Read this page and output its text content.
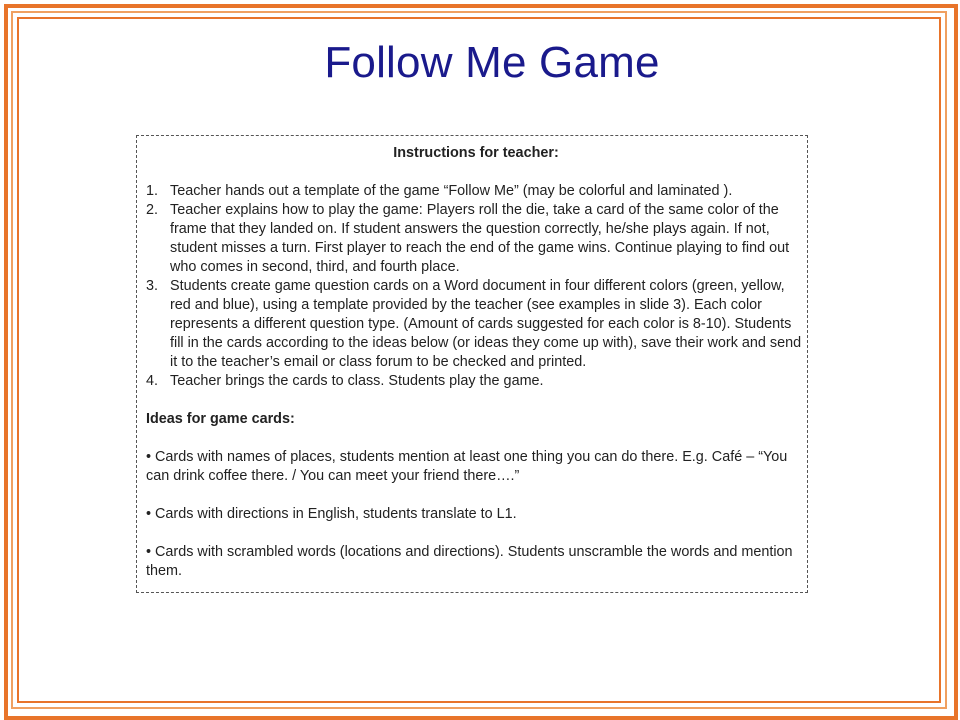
Follow Me Game
Instructions for teacher:
1. Teacher hands out a template of the game “Follow Me” (may be colorful and laminated ).
2. Teacher explains how to play the game: Players roll the die, take a card of the same color of the frame that they landed on. If student answers the question correctly, he/she plays again. If not, student misses a turn. First player to reach the end of the game wins. Continue playing to find out who comes in second, third, and fourth place.
3. Students create game question cards on a Word document in four different colors (green, yellow, red and blue), using a template provided by the teacher (see examples in slide 3). Each color represents a different question type. (Amount of cards suggested for each color is 8-10). Students fill in the cards according to the ideas below (or ideas they come up with), save their work and send it to the teacher’s email or class forum to be checked and printed.
4. Teacher brings the cards to class. Students play the game.
Ideas for game cards:
• Cards with names of places, students mention at least one thing you can do there. E.g. Café – “You can drink coffee there. / You can meet your friend there….”
• Cards with directions in English, students translate to L1.
• Cards with scrambled words (locations and directions). Students unscramble the words and mention them.
